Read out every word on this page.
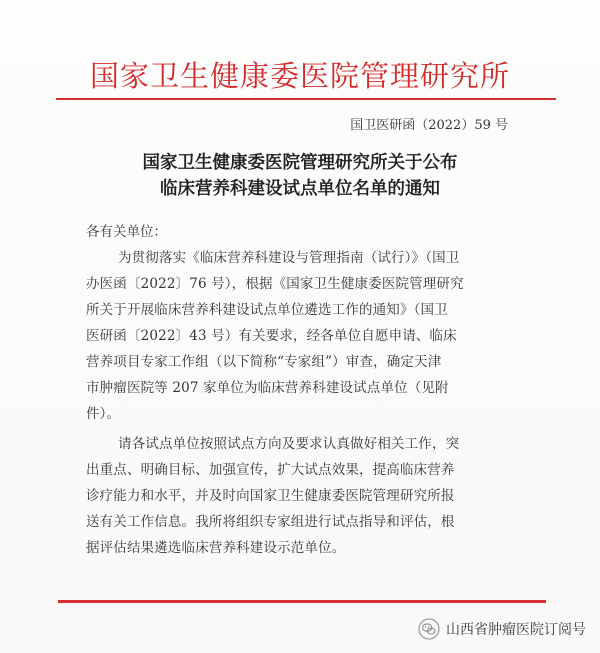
国家卫生健康委医院管理研究所
国卫医研函（2022）59 号
国家卫生健康委医院管理研究所关于公布
临床营养科建设试点单位名单的通知
各有关单位：
为贯彻落实《临床营养科建设与管理指南（试行）》（国卫
办医函〔2022〕76 号），根据《国家卫生健康委医院管理研究
所关于开展临床营养科建设试点单位遴选工作的通知》（国卫
医研函〔2022〕43 号）有关要求，经各单位自愿申请、临床
营养项目专家工作组（以下简称“专家组”）审查，确定天津
市肿瘤医院等 207 家单位为临床营养科建设试点单位（见附
件）。
请各试点单位按照试点方向及要求认真做好相关工作，突
出重点、明确目标、加强宣传，扩大试点效果，提高临床营养
诊疗能力和水平，并及时向国家卫生健康委医院管理研究所报
送有关工作信息。我所将组织专家组进行试点指导和评估，根
据评估结果遴选临床营养科建设示范单位。
山西省肿瘤医院订阅号
